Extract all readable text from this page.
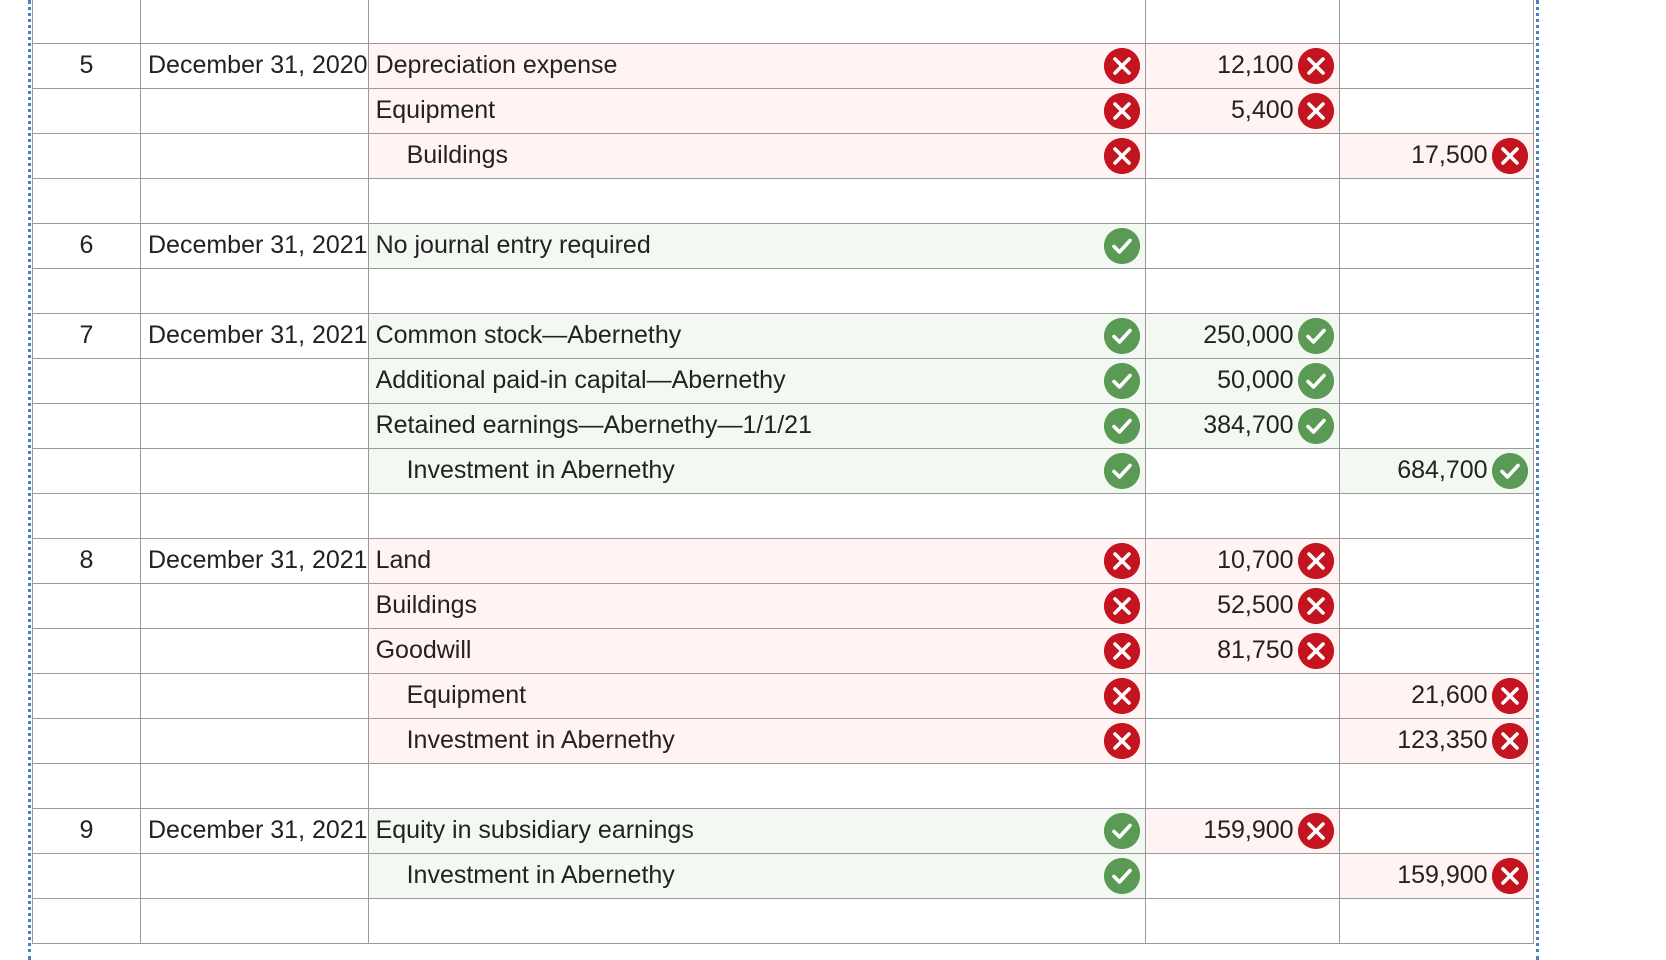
5	December 31, 2020	Depreciation expense	12,100	

		Equipment	5,400	

		Buildings		17,500

6	December 31, 2021	No journal entry required		

7	December 31, 2021	Common stock—Abernethy	250,000	

		Additional paid-in capital—Abernethy	50,000	

		Retained earnings—Abernethy—1/1/21	384,700	

		Investment in Abernethy		684,700

8	December 31, 2021	Land	10,700	

		Buildings	52,500	

		Goodwill	81,750	

		Equipment		21,600

		Investment in Abernethy		123,350

9	December 31, 2021	Equity in subsidiary earnings	159,900	

		Investment in Abernethy		159,900
